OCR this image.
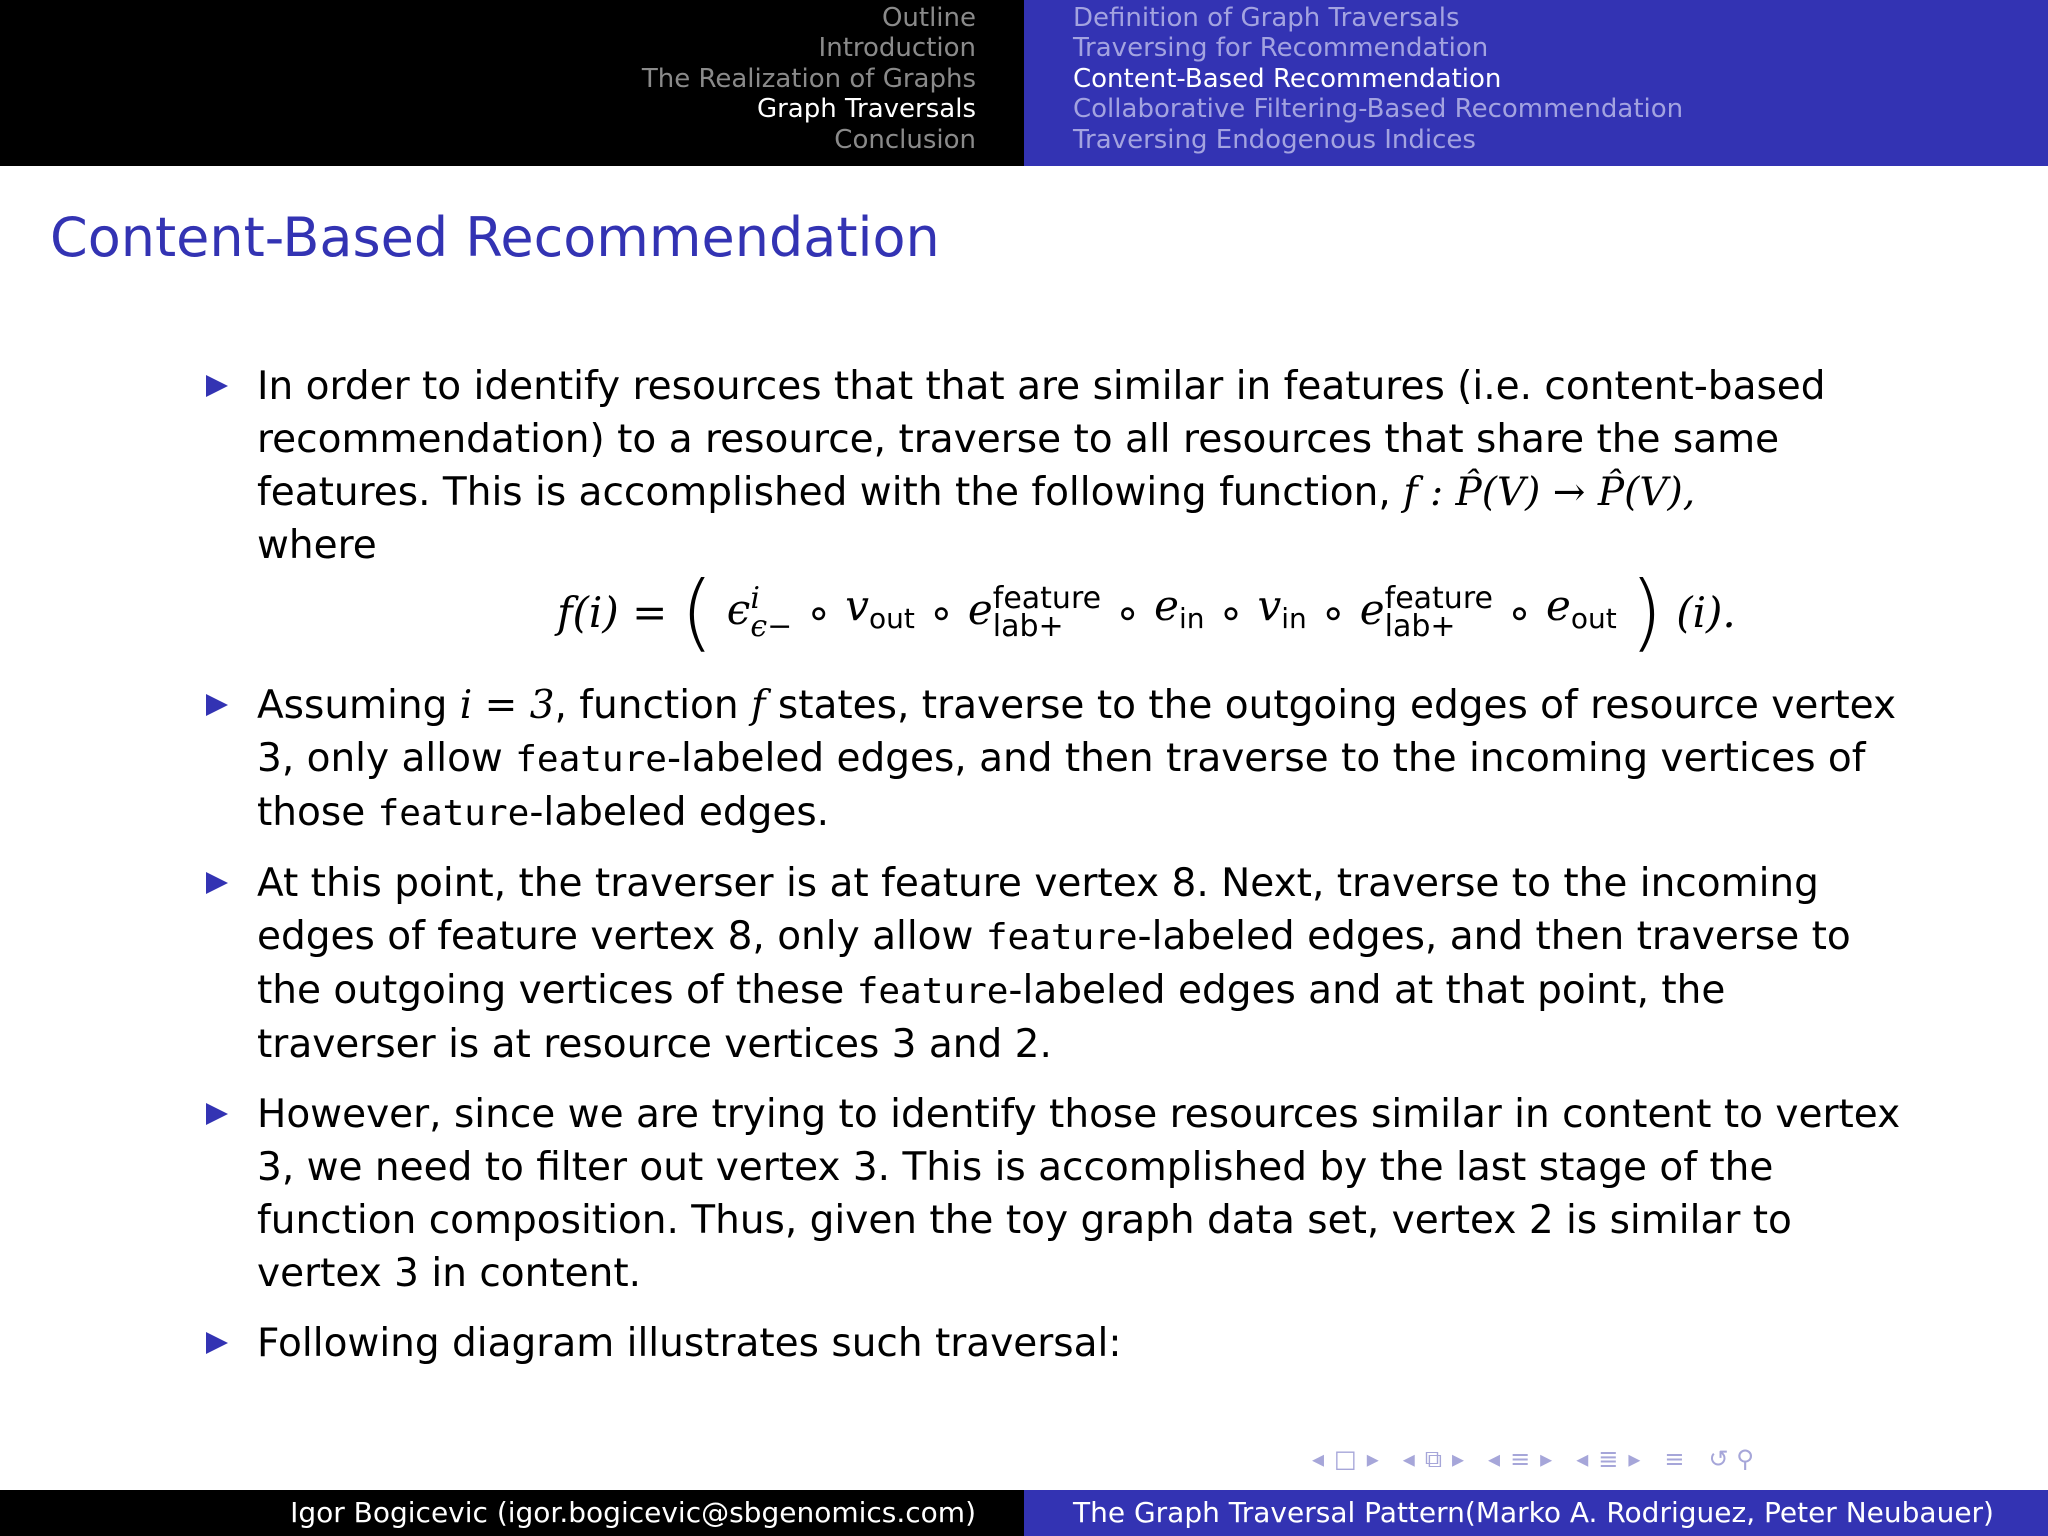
Outline
Introduction
The Realization of Graphs
Graph Traversals
Conclusion
Definition of Graph Traversals
Traversing for Recommendation
Content-Based Recommendation
Collaborative Filtering-Based Recommendation
Traversing Endogenous Indices
Content-Based Recommendation
In order to identify resources that that are similar in features (i.e. content-based recommendation) to a resource, traverse to all resources that share the same features. This is accomplished with the following function, f : P̂(V) → P̂(V),
where
f(i) = ( ϵ i
ϵ− ∘ $v_{out}$ ∘ e feature
lab+	∘ $e_{in}$ ∘ $v_{in}$ ∘ e feature
lab+	∘ $e_{out}$ ) (i).
Assuming i = 3, function f states, traverse to the outgoing edges of resource vertex 3, only allow feature-labeled edges, and then traverse to the incoming vertices of those feature-labeled edges.
At this point, the traverser is at feature vertex 8. Next, traverse to the incoming edges of feature vertex 8, only allow feature-labeled edges, and then traverse to the outgoing vertices of these feature-labeled edges and at that point, the traverser is at resource vertices 3 and 2.
However, since we are trying to identify those resources similar in content to vertex 3, we need to filter out vertex 3. This is accomplished by the last stage of the function composition. Thus, given the toy graph data set, vertex 2 is similar to vertex 3 in content.
Following diagram illustrates such traversal:
◂ □ ▸ ◂ ⧉ ▸ ◂ ≡ ▸ ◂ ≣ ▸ ≡ ↺ ⚲
Igor Bogicevic (igor.bogicevic@sbgenomics.com)	The Graph Traversal Pattern(Marko A. Rodriguez, Peter Neubauer)
